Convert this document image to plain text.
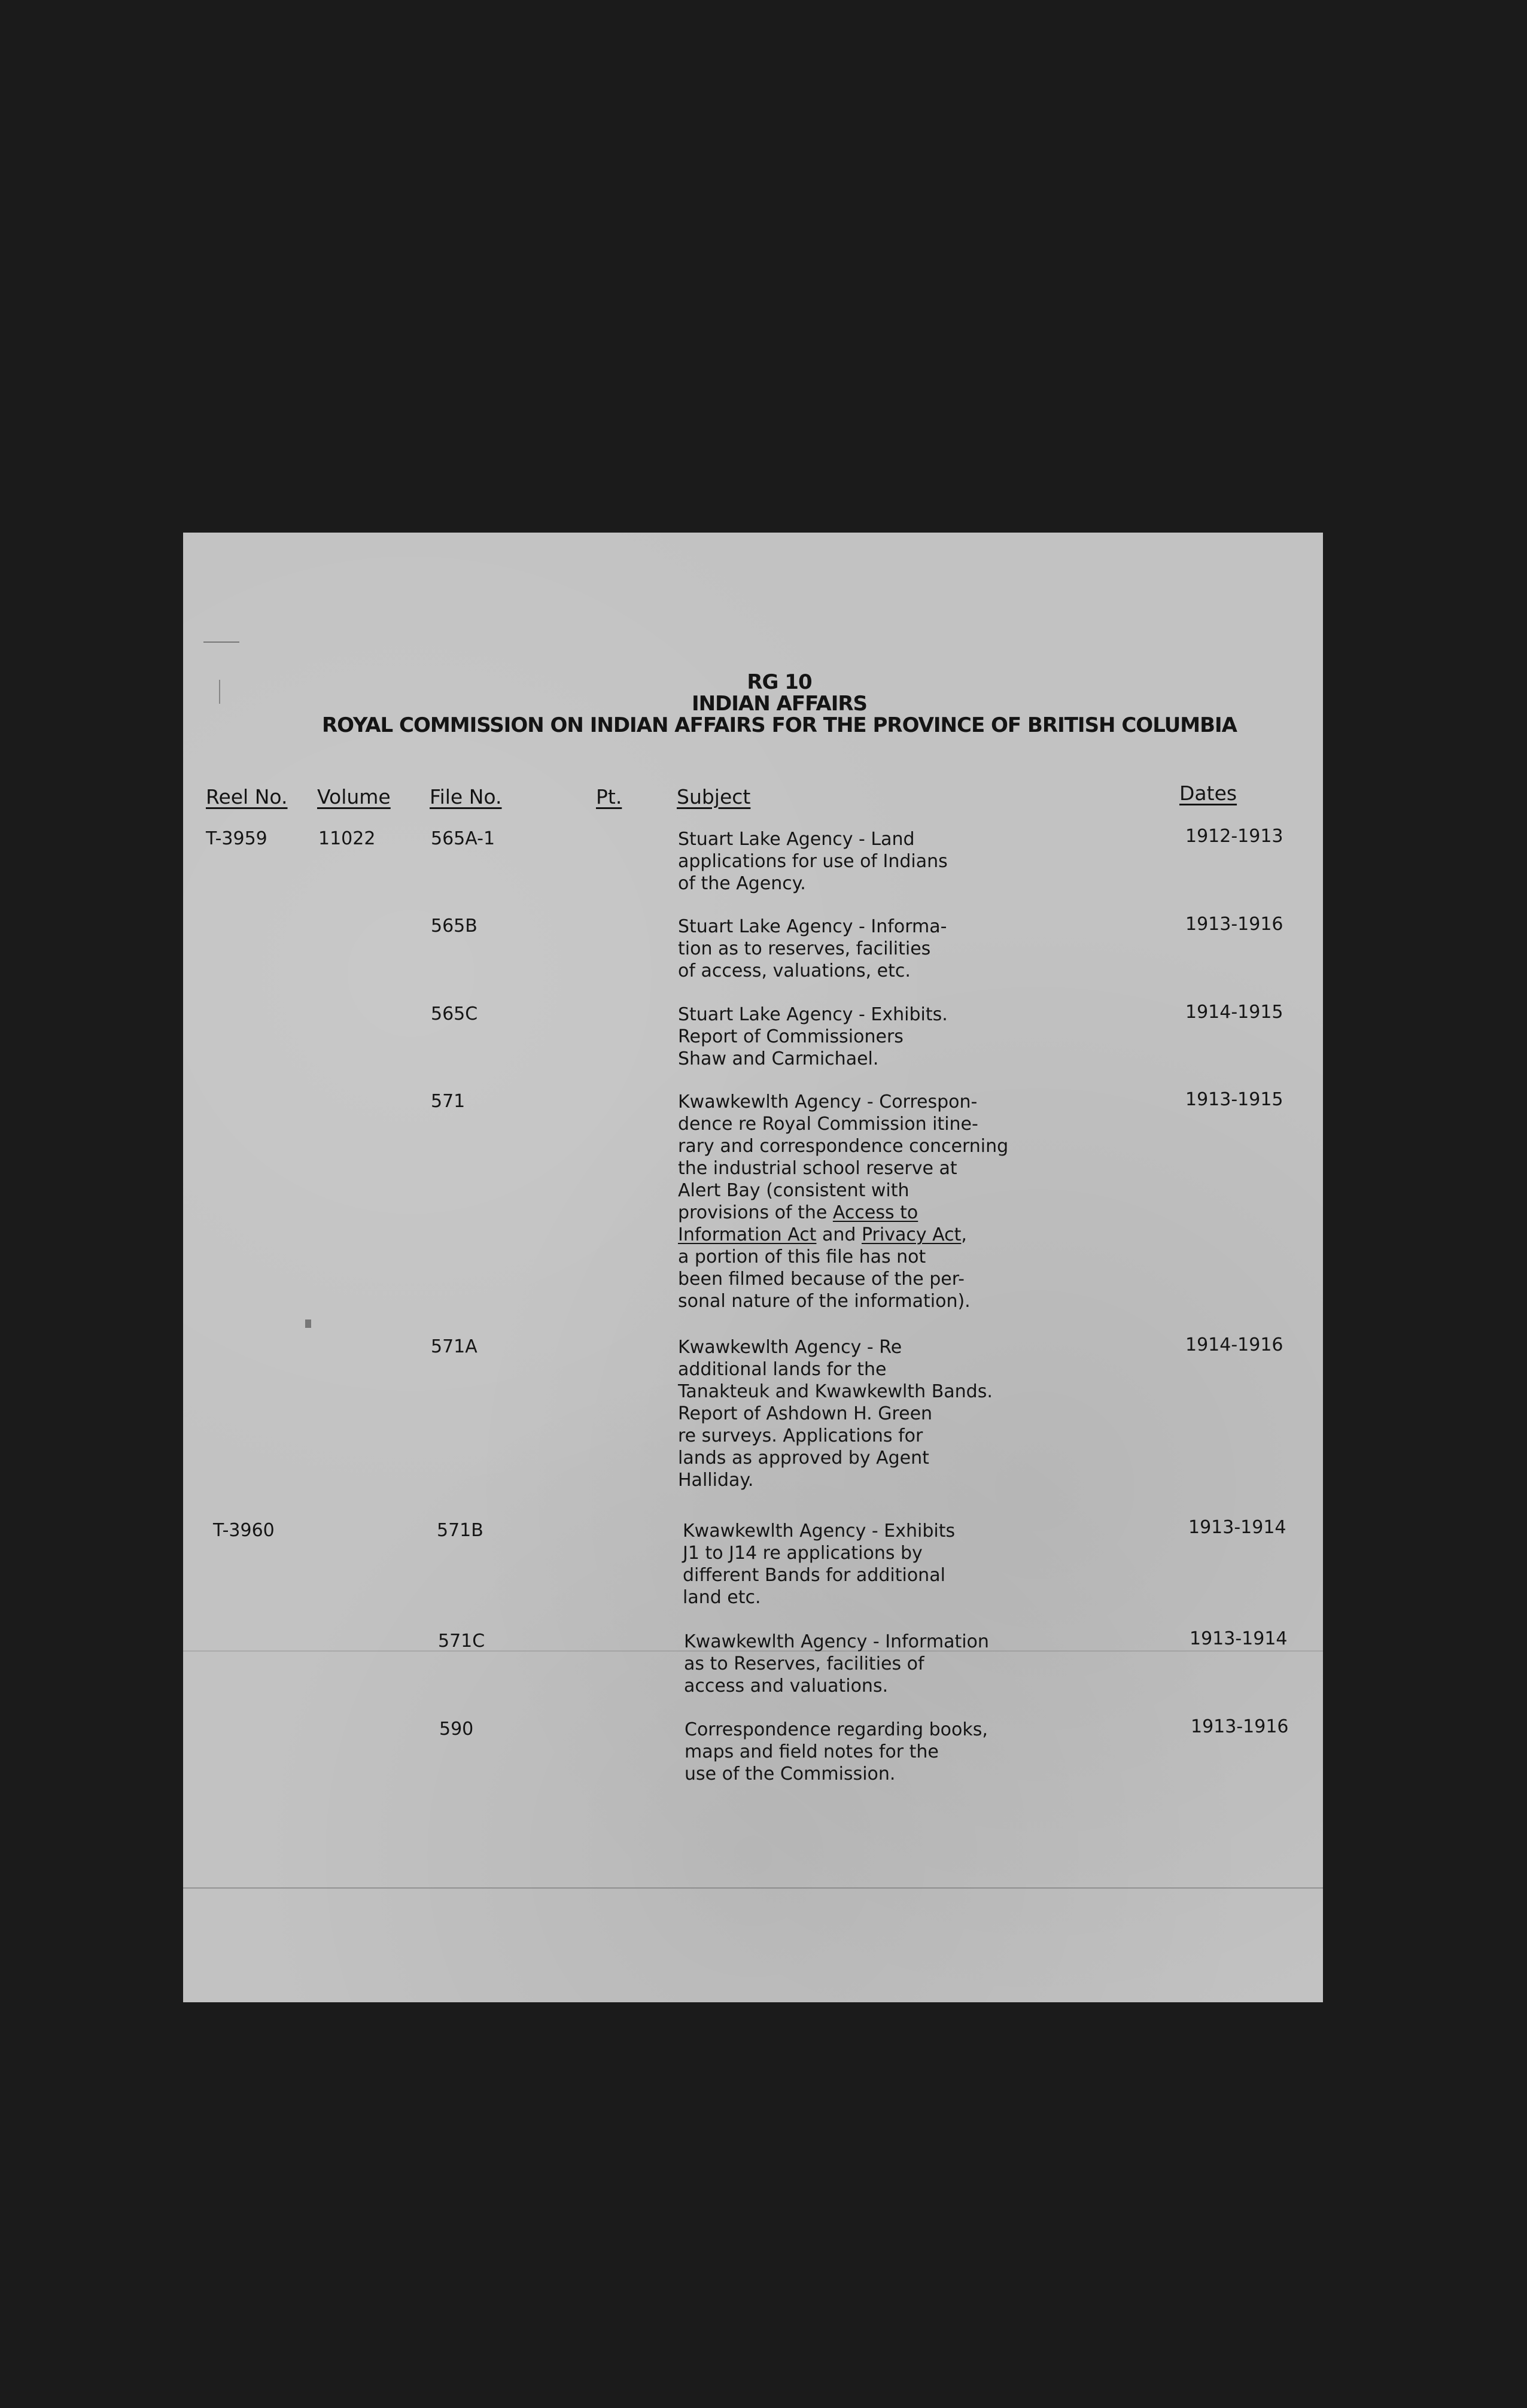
RG 10
INDIAN AFFAIRS
ROYAL COMMISSION ON INDIAN AFFAIRS FOR THE PROVINCE OF BRITISH COLUMBIA
Reel No. Volume File No.	Pt.	Subject	Dates
T-3959	11022	565A-1	Stuart Lake Agency - Land
applications for use of Indians
of the Agency.
1912-1913
565B	Stuart Lake Agency - Informa-
tion as to reserves, facilities
of access, valuations, etc.
1913-1916
565C	Stuart Lake Agency - Exhibits.
Report of Commissioners
Shaw and Carmichael.
1914-1915
571	Kwawkewlth Agency - Correspon-
dence re Royal Commission itine-
rary and correspondence concerning
the industrial school reserve at
Alert Bay (consistent with
provisions of the Access to
Information Act and Privacy Act,
a portion of this file has not
been filmed because of the per-
sonal nature of the information).
1913-1915
571A	Kwawkewlth Agency - Re
additional lands for the
Tanakteuk and Kwawkewlth Bands.
Report of Ashdown H. Green
re surveys. Applications for
lands as approved by Agent
Halliday.
1914-1916
T-3960	571B	Kwawkewlth Agency - Exhibits
J1 to J14 re applications by
different Bands for additional
land etc.
1913-1914
571C	Kwawkewlth Agency - Information
as to Reserves, facilities of
access and valuations.
1913-1914
590	Correspondence regarding books,
maps and field notes for the
use of the Commission.
1913-1916
